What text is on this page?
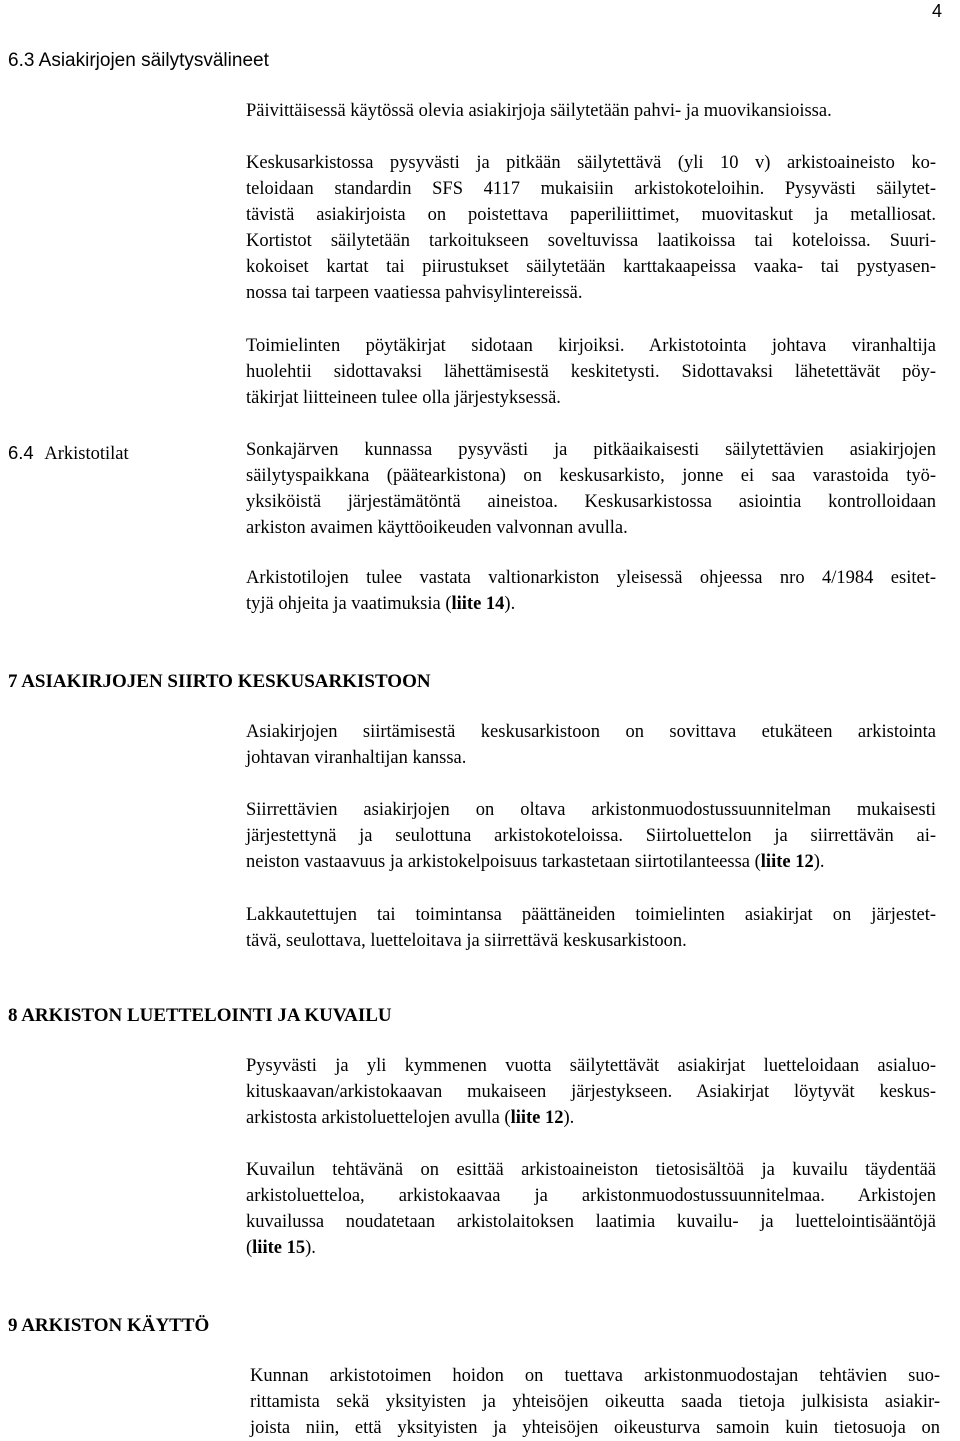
4
6.3 Asiakirjojen säilytysvälineet
Päivittäisessä käytössä olevia asiakirjoja säilytetään pahvi- ja muovikansioissa.
Keskusarkistossa pysyvästi ja pitkään säilytettävä (yli 10 v) arkistoaineisto ko-
teloidaan standardin SFS 4117 mukaisiin arkistokoteloihin. Pysyvästi säilytet-
tävistä asiakirjoista on poistettava paperiliittimet, muovitaskut ja metalliosat.
Kortistot säilytetään tarkoitukseen soveltuvissa laatikoissa tai koteloissa. Suuri-
kokoiset kartat tai piirustukset säilytetään karttakaapeissa vaaka- tai pystyasen-
nossa tai tarpeen vaatiessa pahvisylintereissä.
Toimielinten pöytäkirjat sidotaan kirjoiksi. Arkistotointa johtava viranhaltija
huolehtii sidottavaksi lähettämisestä keskitetysti. Sidottavaksi lähetettävät pöy-
täkirjat liitteineen tulee olla järjestyksessä.
6.4 Arkistotilat	Sonkajärven kunnassa pysyvästi ja pitkäaikaisesti säilytettävien asiakirjojen
säilytyspaikkana (päätearkistona) on keskusarkisto, jonne ei saa varastoida työ-
yksiköistä järjestämätöntä aineistoa. Keskusarkistossa asiointia kontrolloidaan
arkiston avaimen käyttöoikeuden valvonnan avulla.
Arkistotilojen tulee vastata valtionarkiston yleisessä ohjeessa nro 4/1984 esitet-
tyjä ohjeita ja vaatimuksia (liite 14).
7 ASIAKIRJOJEN SIIRTO KESKUSARKISTOON
Asiakirjojen siirtämisestä keskusarkistoon on sovittava etukäteen arkistointa
johtavan viranhaltijan kanssa.
Siirrettävien asiakirjojen on oltava arkistonmuodostussuunnitelman mukaisesti
järjestettynä ja seulottuna arkistokoteloissa. Siirtoluettelon ja siirrettävän ai-
neiston vastaavuus ja arkistokelpoisuus tarkastetaan siirtotilanteessa (liite 12).
Lakkautettujen tai toimintansa päättäneiden toimielinten asiakirjat on järjestet-
tävä, seulottava, luetteloitava ja siirrettävä keskusarkistoon.
8 ARKISTON LUETTELOINTI JA KUVAILU
Pysyvästi ja yli kymmenen vuotta säilytettävät asiakirjat luetteloidaan asialuo-
kituskaavan/arkistokaavan mukaiseen järjestykseen. Asiakirjat löytyvät keskus-
arkistosta arkistoluettelojen avulla (liite 12).
Kuvailun tehtävänä on esittää arkistoaineiston tietosisältöä ja kuvailu täydentää
arkistoluetteloa, arkistokaavaa ja arkistonmuodostussuunnitelmaa. Arkistojen
kuvailussa noudatetaan arkistolaitoksen laatimia kuvailu- ja luettelointisääntöjä
(liite 15).
9 ARKISTON KÄYTTÖ
Kunnan arkistotoimen hoidon on tuettava arkistonmuodostajan tehtävien suo-
rittamista sekä yksityisten ja yhteisöjen oikeutta saada tietoja julkisista asiakir-
joista niin, että yksityisten ja yhteisöjen oikeusturva samoin kuin tietosuoja on
